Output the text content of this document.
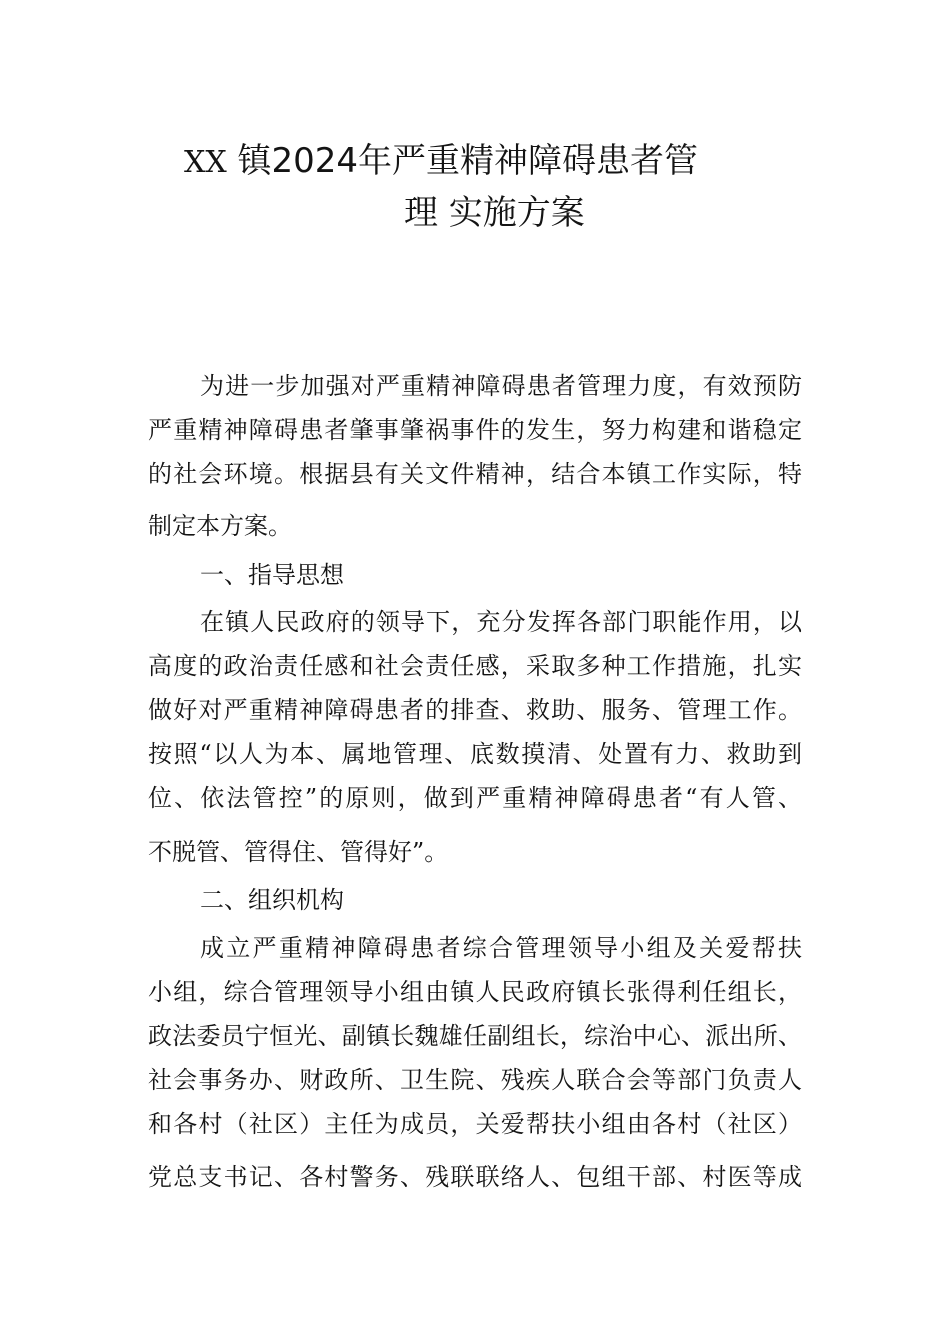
XX 镇2024年严重精神障碍患者管
理 实施方案
为进一步加强对严重精神障碍患者管理力度，有效预防
严重精神障碍患者肇事肇祸事件的发生，努力构建和谐稳定
的社会环境。根据县有关文件精神，结合本镇工作实际，特
制定本方案。
一、指导思想
在镇人民政府的领导下，充分发挥各部门职能作用，以
高度的政治责任感和社会责任感，采取多种工作措施，扎实
做好对严重精神障碍患者的排查、救助、服务、管理工作。
按照“以人为本、属地管理、底数摸清、处置有力、救助到
位、依法管控”的原则，做到严重精神障碍患者“有人管、
不脱管、管得住、管得好”。
二、组织机构
成立严重精神障碍患者综合管理领导小组及关爱帮扶
小组，综合管理领导小组由镇人民政府镇长张得利任组长，
政法委员宁恒光、副镇长魏雄任副组长，综治中心、派出所、
社会事务办、财政所、卫生院、残疾人联合会等部门负责人
和各村（社区）主任为成员，关爱帮扶小组由各村（社区）
党总支书记、各村警务、残联联络人、包组干部、村医等成
